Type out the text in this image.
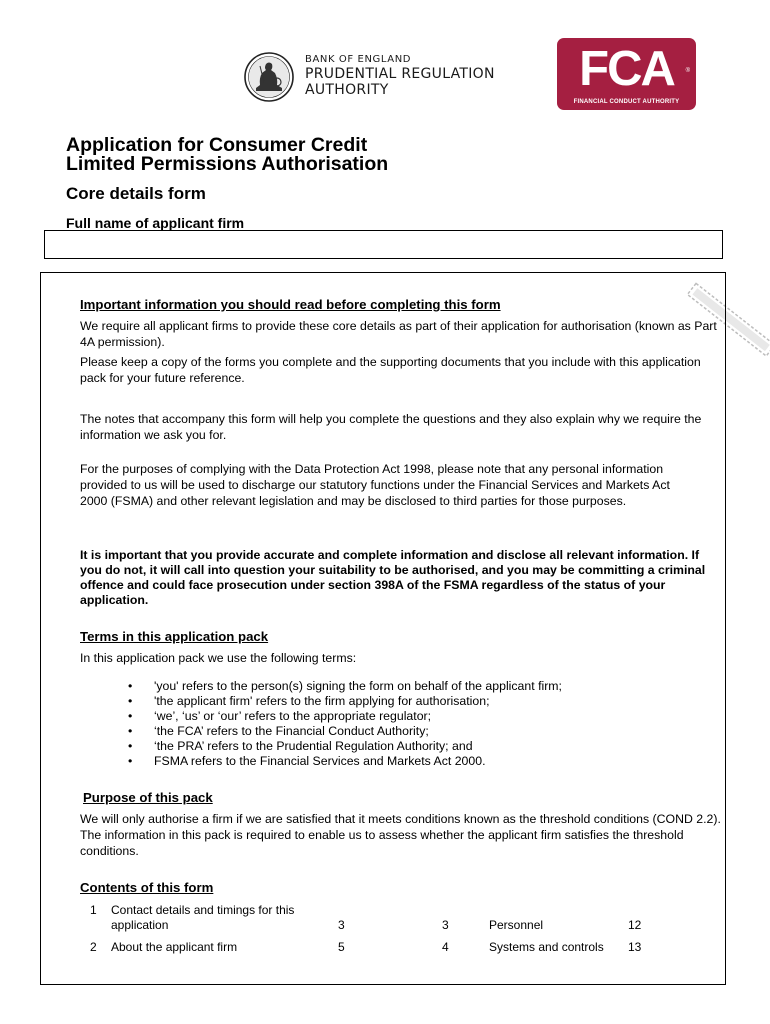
BANK OF ENGLAND
PRUDENTIAL REGULATION
AUTHORITY	FCA	®
FINANCIAL CONDUCT AUTHORITY
Application for Consumer Credit
Limited Permissions Authorisation
Core details form
Full name of applicant firm
Important information you should read before completing this form
We require all applicant firms to provide these core details as part of their application for authorisation (known as Part 4A permission).
Please keep a copy of the forms you complete and the supporting documents that you include with this application pack for your future reference.
The notes that accompany this form will help you complete the questions and they also explain why we require the information we ask you for.
For the purposes of complying with the Data Protection Act 1998, please note that any personal information provided to us will be used to discharge our statutory functions under the Financial Services and Markets Act 2000 (FSMA) and other relevant legislation and may be disclosed to third parties for those purposes.
It is important that you provide accurate and complete information and disclose all relevant information. If you do not, it will call into question your suitability to be authorised, and you may be committing a criminal offence and could face prosecution under section 398A of the FSMA regardless of the status of your application.
Terms in this application pack
In this application pack we use the following terms:
• 'you' refers to the person(s) signing the form on behalf of the applicant firm;
• 'the applicant firm' refers to the firm applying for authorisation;
• ‘we’, ‘us’ or ‘our’ refers to the appropriate regulator;
• ‘the FCA’ refers to the Financial Conduct Authority;
• ‘the PRA’ refers to the Prudential Regulation Authority; and
• FSMA refers to the Financial Services and Markets Act 2000.
Purpose of this pack
We will only authorise a firm if we are satisfied that it meets conditions known as the threshold conditions (COND 2.2). The information in this pack is required to enable us to assess whether the applicant firm satisfies the threshold conditions.
Contents of this form
1 Contact details and timings for this application	3	3	Personnel	12
2 About the applicant firm	5	4	Systems and controls 13
